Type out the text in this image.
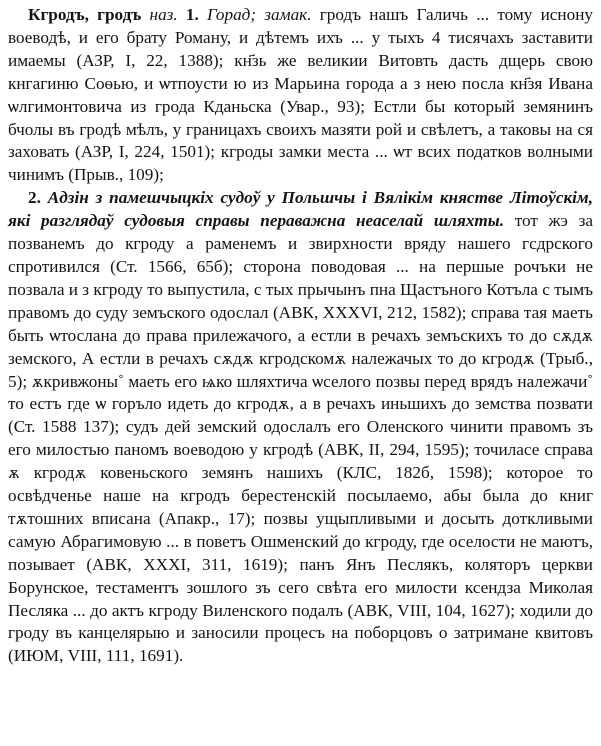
Кгродъ, гродъ наз. 1. Горад; замак. гродъ нашъ Галичь ... тому иснону воеводѣ, и его брату Роману, и дѣтемъ ихъ ... у тыхъ 4 тисячахъ заставити имаемы (АЗР, I, 22, 1388); кн҃зь же великии Витовть дасть дщерь свою кнгагиню Соѳью, и ѡтпоусти ю из Марьина города а з нею посла кн҃зя Ивана ѡлгимонтовича из грода Кданьска (Увар., 93); Естли бы который земянинъ бчолы въ гродѣ мѣлъ, у границахъ своихъ мазяти рой и свѣлетъ, а таковы на ся заховать (АЗР, I, 224, 1501); кгроды замки места ... ѡт всих податков волными чинимъ (Прыв., 109);

2. Адзін з памешчыцкіх судоў у Польшчы і Вялікім княстве Літоўскім, які разглядаў судовыя справы пераважна неаселай шляхты. тот жэ за позванемъ до кгроду а раменемъ и звирхности вряду нашего гсдрского спротивился (Ст. 1566, 65б); сторона поводовая ... на першые рочъки не позвала и з кгроду то выпустила, с тых прычынъ пна Щастъного Котъла с тымъ правомъ до суду земъского одослал (АВК, XXXVI, 212, 1582); справа тая маеть быть ѡтослана до права прилежачого, а естли в речахъ земъскихъ то до сѫдѫ земского, А естли в речахъ сѫдѫ кгродскомѫ належачых то до кгродѫ (Трыб., 5); ѫкривжоны˚ маеть его ѩко шляхтича ѡселого позвы перед врядъ належачи˚ то естъ где ѡ горъло идеть до кгродѫ, а в речахъ иньшихъ до земства позвати (Ст. 1588 137); судъ дей земский одослалъ его Оленского чинити правомъ зъ его милостью паномъ воеводою у кгродѣ (АВК, II, 294, 1595); точиласе справа ѫ кгродѫ ковеньского земянъ нашихъ (КЛС, 182б, 1598); которое то освѣдченье наше на кгродъ берестенскій посылаемо, абы была до книг тѫтошних вписана (Апакр., 17); позвы ущыпливыми и досыть доткливыми самую Абрагимовую ... в поветъ Ошменский до кгроду, где оселости не маютъ, позывает (АВК, XXXI, 311, 1619); панъ Янъ Песлякъ, коляторъ церкви Борунское, тестаментъ зошлого зъ сего свѣта его милости ксендза Миколая Песляка ... до актъ кгроду Виленского подалъ (АВК, VIII, 104, 1627); ходили до гроду въ канцелярыю и заносили процесъ на поборцовъ о затримане квитовъ (ИЮМ, VIII, 111, 1691).
